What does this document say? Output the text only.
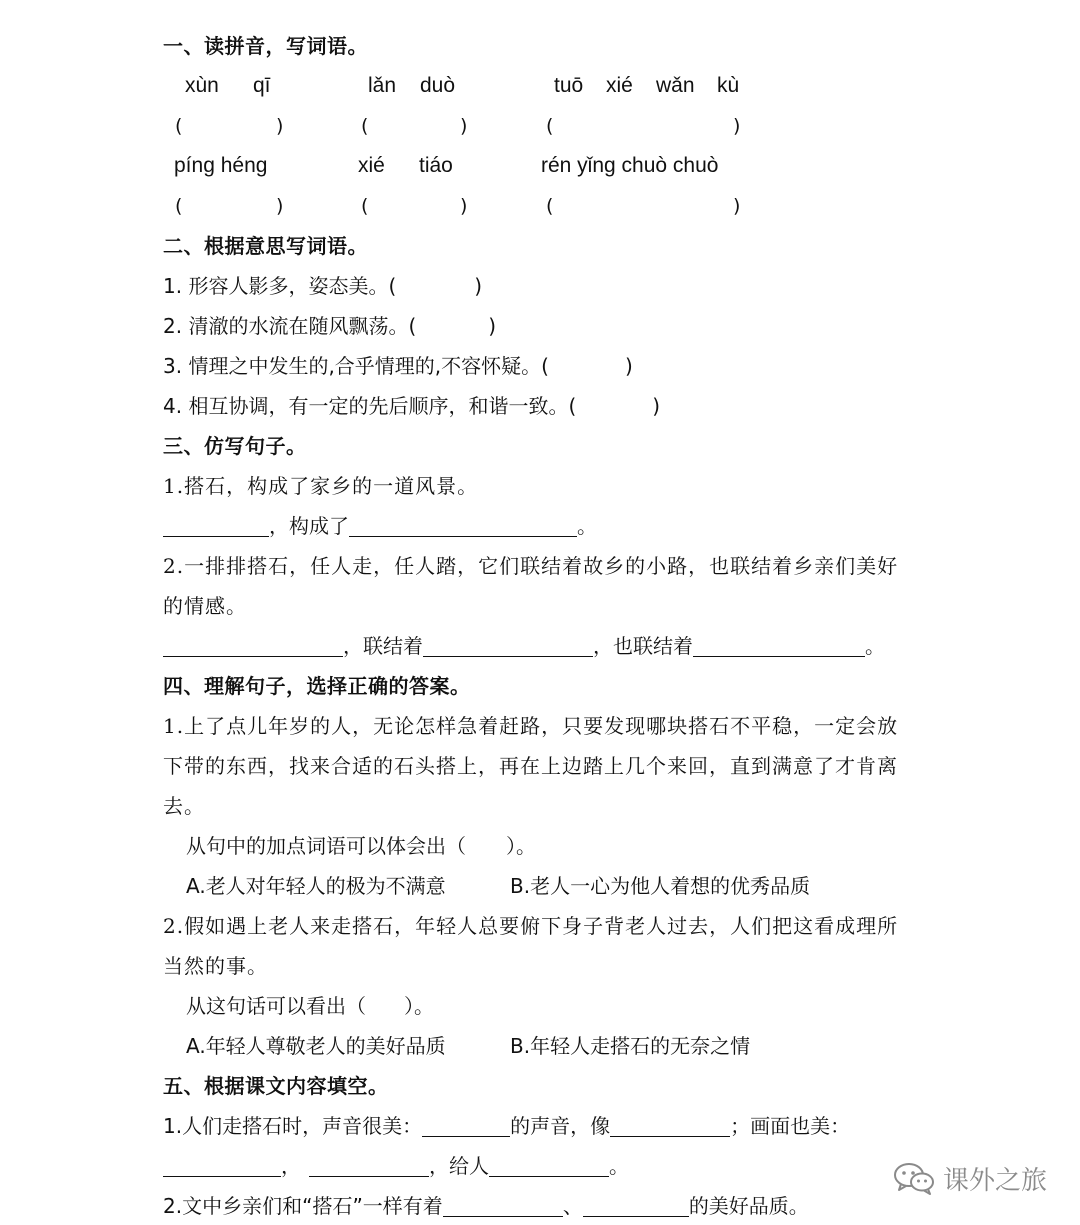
一、读拼音，写词语。
xùn qī	lǎn duò	tuō xié wǎn kù
(	)	(	)	(	)
píng héng	xié tiáo	rén yǐng chuò chuò
(	)	(	)	(	)
二、根据意思写词语。
1. 形容人影多，姿态美。(	)
2. 清澈的水流在随风飘荡。(	)
3. 情理之中发生的,合乎情理的,不容怀疑。(	)
4. 相互协调，有一定的先后顺序，和谐一致。(	)
三、仿写句子。
1.搭石，构成了家乡的一道风景。
，构成了	。
2.一排排搭石，任人走，任人踏，它们联结着故乡的小路，也联结着乡亲们美好
的情感。
，联结着	，也联结着	。
四、理解句子，选择正确的答案。
1.上了点儿年岁的人，无论怎样急着赶路，只要发现哪块搭石不平稳，一定会放
下带的东西，找来合适的石头搭上，再在上边踏上几个来回，直到满意了才肯离
去。
从句中的加点词语可以体会出（ ）。
A.老人对年轻人的极为不满意	B.老人一心为他人着想的优秀品质
2.假如遇上老人来走搭石，年轻人总要俯下身子背老人过去，人们把这看成理所
当然的事。
从这句话可以看出（ ）。
A.年轻人尊敬老人的美好品质	B.年轻人走搭石的无奈之情
五、根据课文内容填空。
1.人们走搭石时，声音很美：	的声音，像	；画面也美：
，	，给人	。
2.文中乡亲们和“搭石”一样有着	、	的美好品质。
课外之旅
